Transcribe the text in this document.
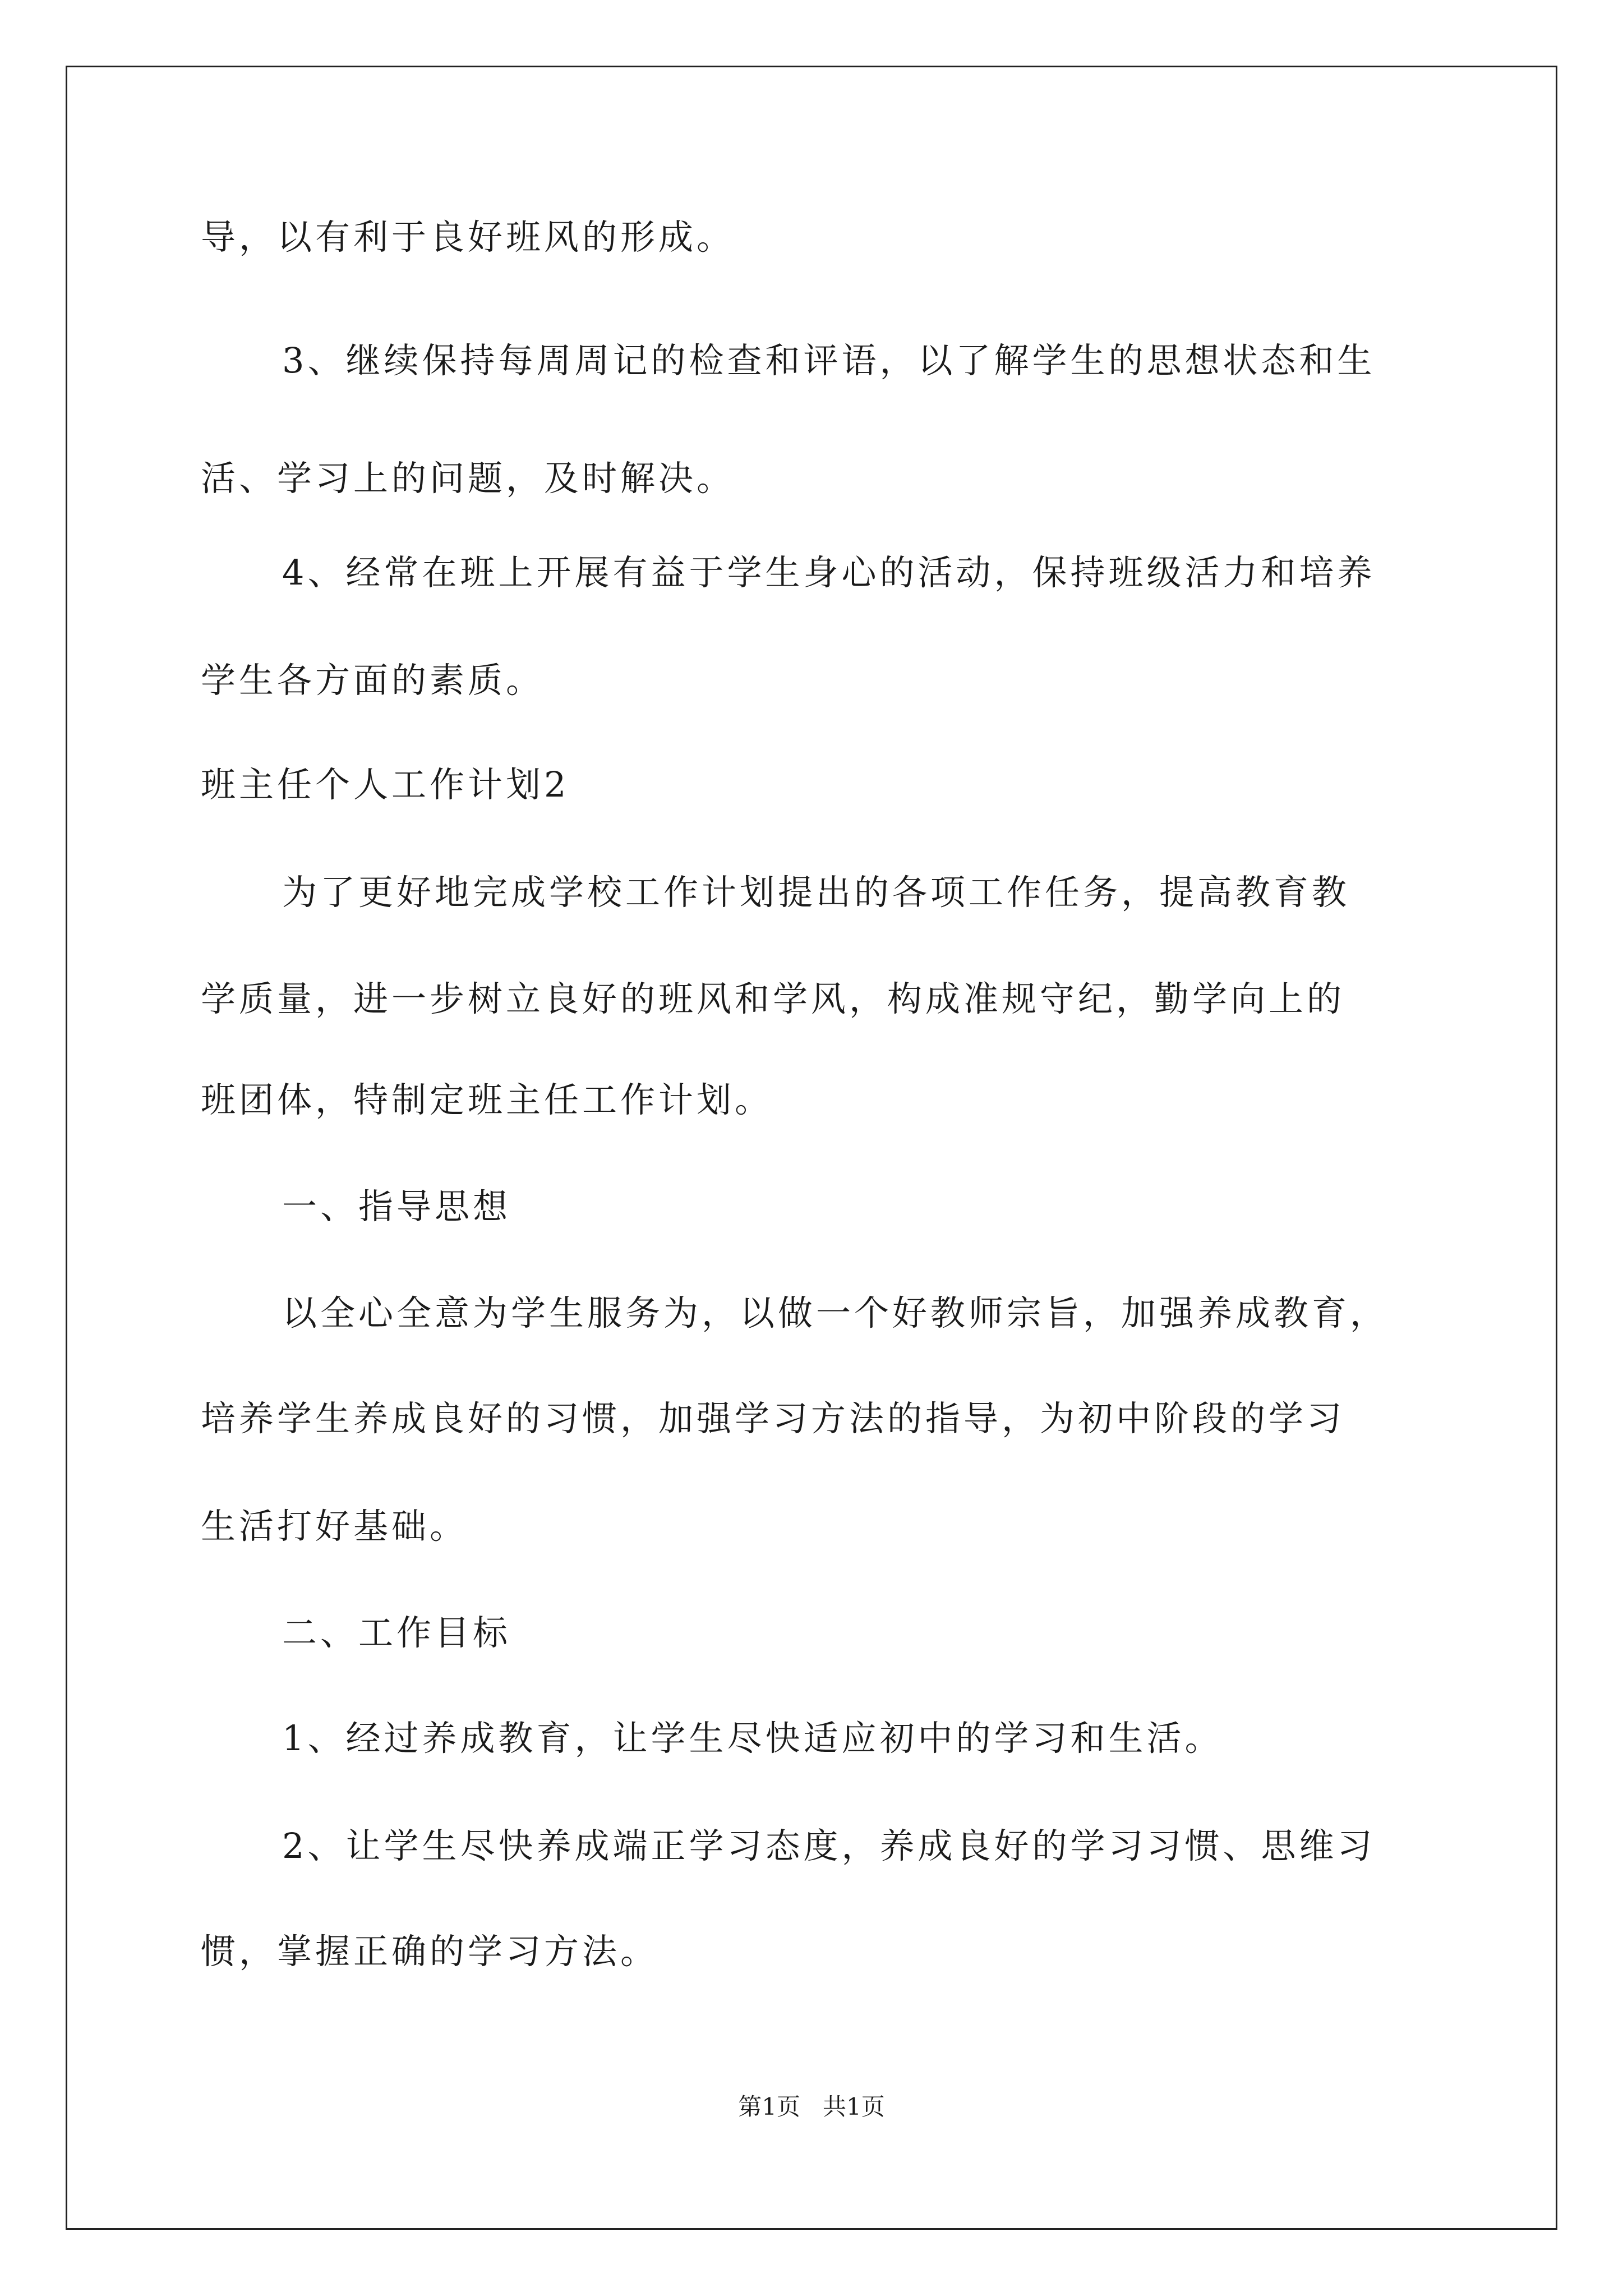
导，以有利于良好班风的形成。
3、继续保持每周周记的检查和评语，以了解学生的思想状态和生
活、学习上的问题，及时解决。
4、经常在班上开展有益于学生身心的活动，保持班级活力和培养
学生各方面的素质。
班主任个人工作计划2
为了更好地完成学校工作计划提出的各项工作任务，提高教育教
学质量，进一步树立良好的班风和学风，构成准规守纪，勤学向上的
班团体，特制定班主任工作计划。
一、指导思想
以全心全意为学生服务为，以做一个好教师宗旨，加强养成教育，
培养学生养成良好的习惯，加强学习方法的指导，为初中阶段的学习
生活打好基础。
二、工作目标
1、经过养成教育，让学生尽快适应初中的学习和生活。
2、让学生尽快养成端正学习态度，养成良好的学习习惯、思维习
惯，掌握正确的学习方法。
第1页   共1页
